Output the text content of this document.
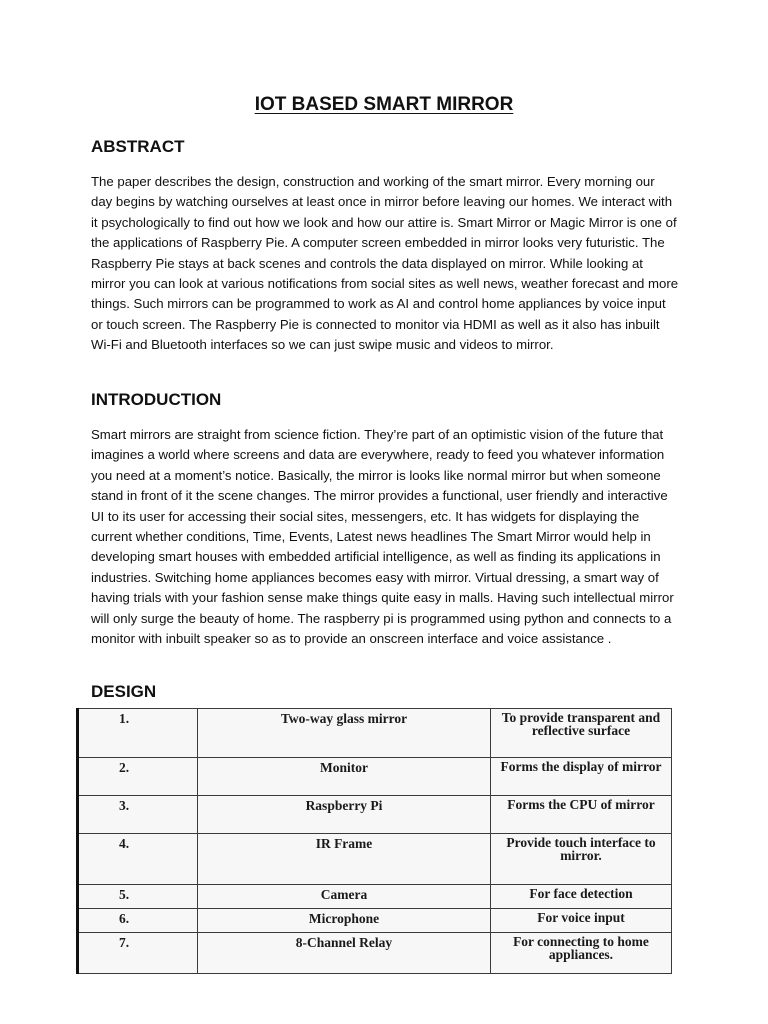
IOT BASED SMART MIRROR
ABSTRACT
The paper describes the design, construction and working of the smart mirror. Every morning our day begins by watching ourselves at least once in mirror before leaving our homes. We interact with it psychologically to find out how we look and how our attire is. Smart Mirror or Magic Mirror is one of the applications of Raspberry Pie. A computer screen embedded in mirror looks very futuristic. The Raspberry Pie stays at back scenes and controls the data displayed on mirror. While looking at mirror you can look at various notifications from social sites as well news, weather forecast and more things. Such mirrors can be programmed to work as AI and control home appliances by voice input or touch screen. The Raspberry Pie is connected to monitor via HDMI as well as it also has inbuilt Wi-Fi and Bluetooth interfaces so we can just swipe music and videos to mirror.
INTRODUCTION
Smart mirrors are straight from science fiction. They’re part of an optimistic vision of the future that imagines a world where screens and data are everywhere, ready to feed you whatever information you need at a moment’s notice. Basically, the mirror is looks like normal mirror but when someone stand in front of it the scene changes. The mirror provides a functional, user friendly and interactive UI to its user for accessing their social sites, messengers, etc. It has widgets for displaying the current whether conditions, Time, Events, Latest news headlines The Smart Mirror would help in developing smart houses with embedded artificial intelligence, as well as finding its applications in industries. Switching home appliances becomes easy with mirror. Virtual dressing, a smart way of having trials with your fashion sense make things quite easy in malls. Having such intellectual mirror will only surge the beauty of home. The raspberry pi is programmed using python and connects to a monitor with inbuilt speaker so as to provide an onscreen interface and voice assistance .
DESIGN
1.	Two-way glass mirror	To provide transparent and reflective surface
2.	Monitor	Forms the display of mirror
3.	Raspberry Pi	Forms the CPU of mirror
4.	IR Frame	Provide touch interface to mirror.
5.	Camera	For face detection
6.	Microphone	For voice input
7.	8-Channel Relay	For connecting to home appliances.
